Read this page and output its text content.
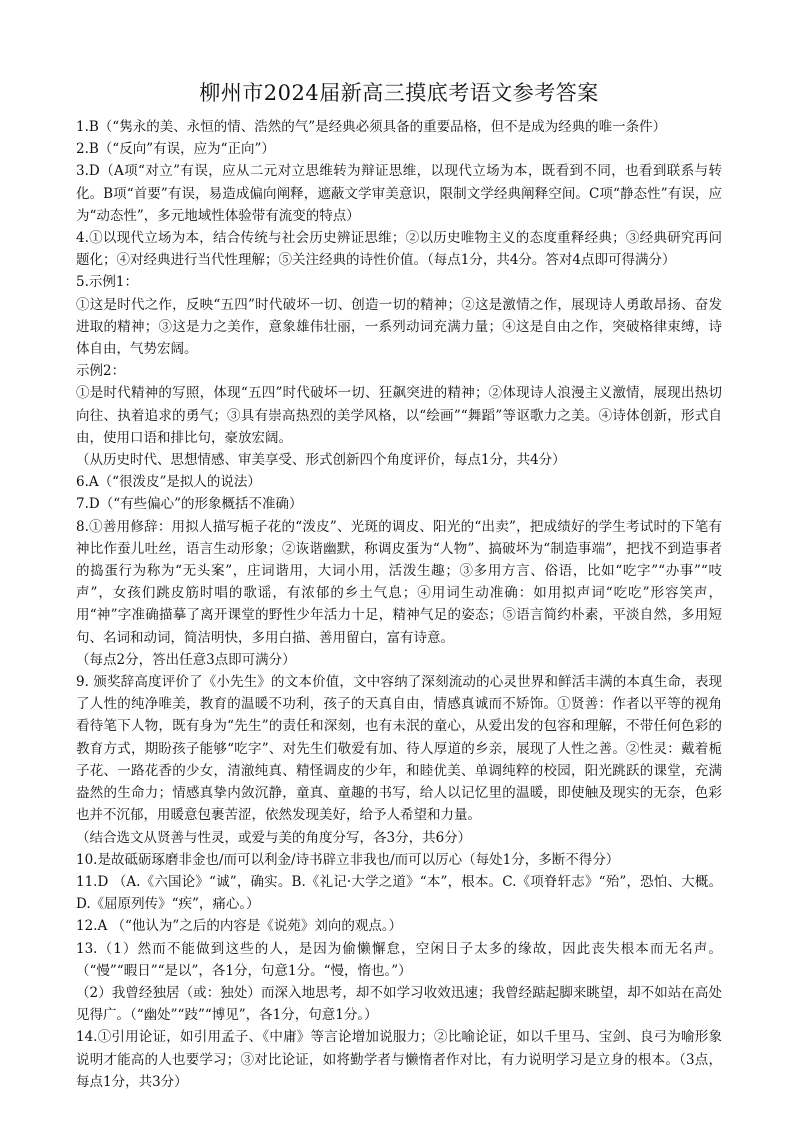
柳州市2024届新高三摸底考语文参考答案

1.B（“隽永的美、永恒的情、浩然的气”是经典必须具备的重要品格，但不是成为经典的唯一条件）

2.B（“反向”有误，应为“正向”）

3.D（A项“对立”有误，应从二元对立思维转为辩证思维，以现代立场为本，既看到不同，也看到联系与转化。B项“首要”有误，易造成偏向阐释，遮蔽文学审美意识，限制文学经典阐释空间。C项“静态性”有误，应为“动态性”，多元地域性体验带有流变的特点）

4.①以现代立场为本，结合传统与社会历史辨证思维；②以历史唯物主义的态度重释经典；③经典研究再问题化；④对经典进行当代性理解；⑤关注经典的诗性价值。（每点1分，共4分。答对4点即可得满分）

5.示例1：

①这是时代之作，反映“五四”时代破坏一切、创造一切的精神；②这是激情之作，展现诗人勇敢昂扬、奋发进取的精神；③这是力之美作，意象雄伟壮丽，一系列动词充满力量；④这是自由之作，突破格律束缚，诗体自由，气势宏阔。

示例2：

①是时代精神的写照，体现“五四”时代破坏一切、狂飙突进的精神；②体现诗人浪漫主义激情，展现出热切向往、执着追求的勇气；③具有崇高热烈的美学风格，以“绘画”“舞蹈”等讴歌力之美。④诗体创新，形式自由，使用口语和排比句，豪放宏阔。

（从历史时代、思想情感、审美享受、形式创新四个角度评价，每点1分，共4分）

6.A（“很泼皮”是拟人的说法）

7.D（“有些偏心”的形象概括不准确）

8.①善用修辞：用拟人描写栀子花的“泼皮”、光斑的调皮、阳光的“出卖”，把成绩好的学生考试时的下笔有神比作蚕儿吐丝，语言生动形象；②诙谐幽默，称调皮蛋为“人物”、搞破坏为“制造事端”，把找不到造事者的捣蛋行为称为“无头案”，庄词谐用，大词小用，活泼生趣；③多用方言、俗语，比如“吃字”“办事”“吱声”，女孩们跳皮筋时唱的歌谣，有浓郁的乡土气息；④用词生动准确：如用拟声词“吃吃”形容笑声，用“神”字准确描摹了离开课堂的野性少年活力十足，精神气足的姿态；⑤语言简约朴素，平淡自然，多用短句、名词和动词，简洁明快，多用白描、善用留白，富有诗意。

（每点2分，答出任意3点即可满分）

9. 颁奖辞高度评价了《小先生》的文本价值，文中容纳了深刻流动的心灵世界和鲜活丰满的本真生命，表现了人性的纯净唯美，教育的温暖不功利，孩子的天真自由，情感真诚而不矫饰。①贤善：作者以平等的视角看待笔下人物，既有身为“先生”的责任和深刻，也有未泯的童心，从爱出发的包容和理解，不带任何色彩的教育方式，期盼孩子能够“吃字”、对先生们敬爱有加、待人厚道的乡亲，展现了人性之善。②性灵：戴着栀子花、一路花香的少女，清澈纯真、精怪调皮的少年，和睦优美、单调纯粹的校园，阳光跳跃的课堂，充满盎然的生命力；情感真挚内敛沉静，童真、童趣的书写，给人以记忆里的温暖，即使触及现实的无奈，色彩也并不沉郁，用暖意包裹苦涩，依然发现美好，给予人希望和力量。

（结合选文从贤善与性灵，或爱与美的角度分写，各3分，共6分）

10.是故砥砺琢磨非金也/而可以利金/诗书辟立非我也/而可以厉心（每处1分，多断不得分）

11.D （A.《六国论》“诚”，确实。B.《礼记·大学之道》“本”，根本。C.《项脊轩志》“殆”，恐怕、大概。D.《屈原列传》“疾”，痛心。）

12.A （“他认为”之后的内容是《说苑》刘向的观点。）

13.（1）然而不能做到这些的人，是因为偷懒懈怠，空闲日子太多的缘故，因此丧失根本而无名声。（“慢”“暇日”“是以”，各1分，句意1分。“慢，惰也。”）

（2）我曾经独居（或：独处）而深入地思考，却不如学习收效迅速；我曾经踮起脚来眺望，却不如站在高处见得广。（“幽处”“跂”“博见”，各1分，句意1分。）

14.①引用论证，如引用孟子、《中庸》等言论增加说服力；②比喻论证，如以千里马、宝剑、良弓为喻形象说明才能高的人也要学习；③对比论证，如将勤学者与懒惰者作对比，有力说明学习是立身的根本。（3点，每点1分，共3分）
